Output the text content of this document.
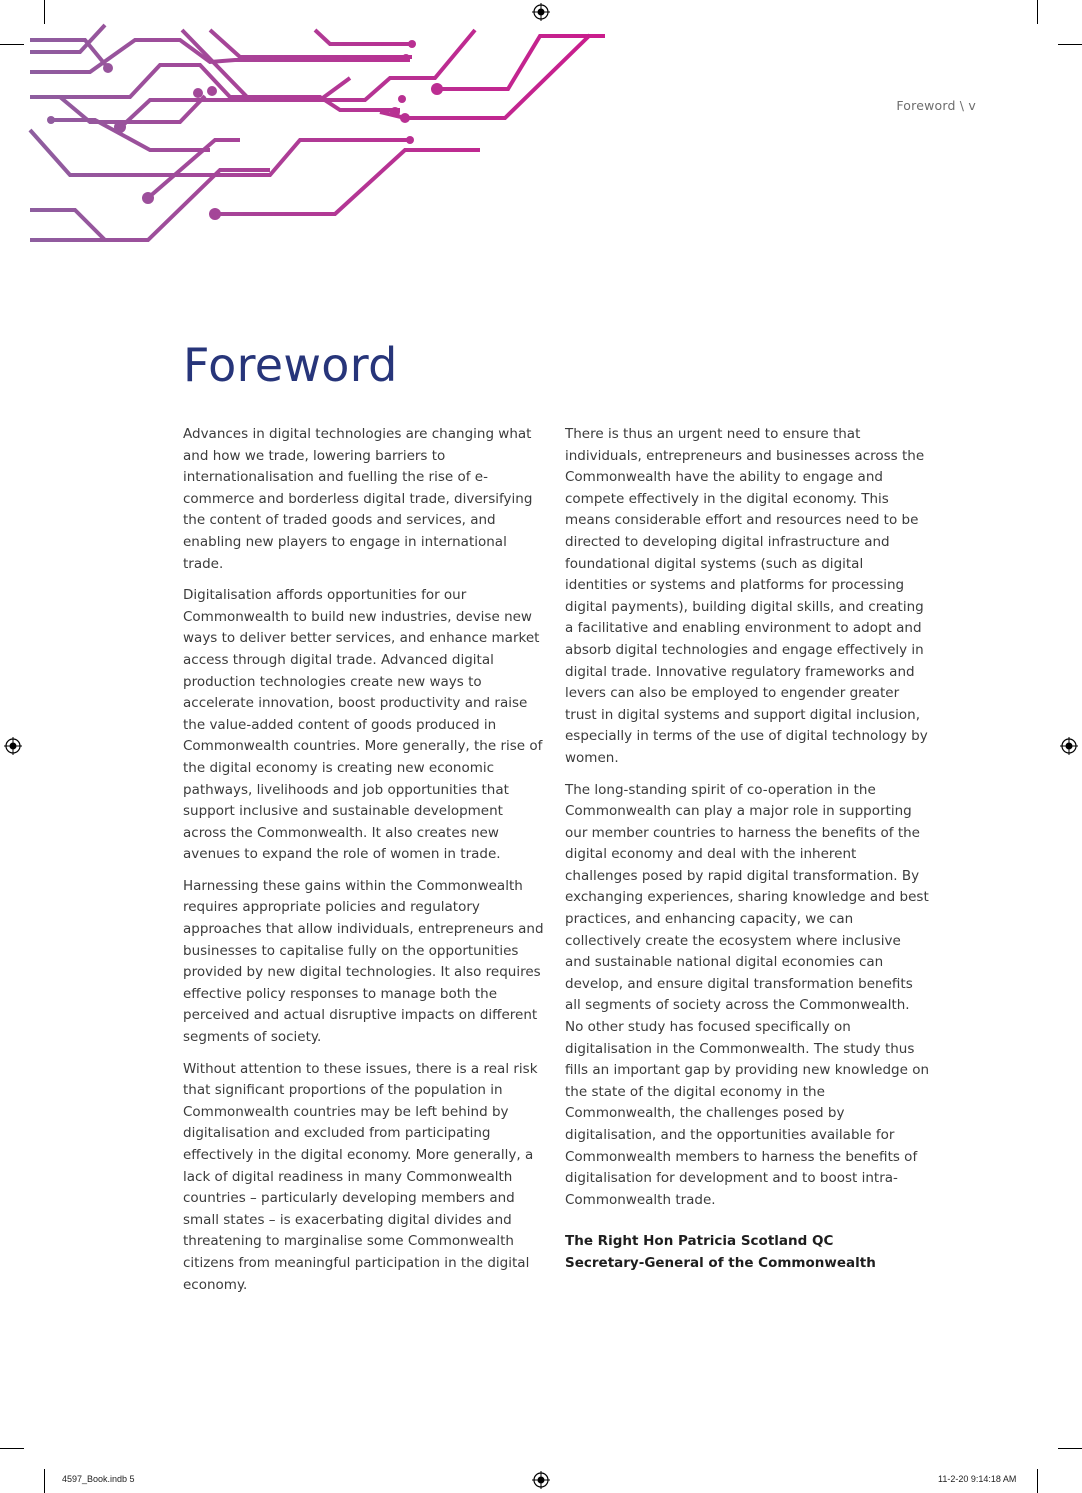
Foreword \ v
Foreword

Advances in digital technologies are changing what and how we trade, lowering barriers to internationalisation and fuelling the rise of e-commerce and borderless digital trade, diversifying the content of traded goods and services, and enabling new players to engage in international trade.

Digitalisation affords opportunities for our Commonwealth to build new industries, devise new ways to deliver better services, and enhance market access through digital trade. Advanced digital production technologies create new ways to accelerate innovation, boost productivity and raise the value-added content of goods produced in Commonwealth countries. More generally, the rise of the digital economy is creating new economic pathways, livelihoods and job opportunities that support inclusive and sustainable development across the Commonwealth. It also creates new avenues to expand the role of women in trade.

Harnessing these gains within the Commonwealth requires appropriate policies and regulatory approaches that allow individuals, entrepreneurs and businesses to capitalise fully on the opportunities provided by new digital technologies. It also requires effective policy responses to manage both the perceived and actual disruptive impacts on different segments of society.

Without attention to these issues, there is a real risk that significant proportions of the population in Commonwealth countries may be left behind by digitalisation and excluded from participating effectively in the digital economy. More generally, a lack of digital readiness in many Commonwealth countries – particularly developing members and small states – is exacerbating digital divides and threatening to marginalise some Commonwealth citizens from meaningful participation in the digital economy.

There is thus an urgent need to ensure that individuals, entrepreneurs and businesses across the Commonwealth have the ability to engage and compete effectively in the digital economy. This means considerable effort and resources need to be directed to developing digital infrastructure and foundational digital systems (such as digital identities or systems and platforms for processing digital payments), building digital skills, and creating a facilitative and enabling environment to adopt and absorb digital technologies and engage effectively in digital trade. Innovative regulatory frameworks and levers can also be employed to engender greater trust in digital systems and support digital inclusion, especially in terms of the use of digital technology by women.

The long-standing spirit of co-operation in the Commonwealth can play a major role in supporting our member countries to harness the benefits of the digital economy and deal with the inherent challenges posed by rapid digital transformation. By exchanging experiences, sharing knowledge and best practices, and enhancing capacity, we can collectively create the ecosystem where inclusive and sustainable national digital economies can develop, and ensure digital transformation benefits all segments of society across the Commonwealth. No other study has focused specifically on digitalisation in the Commonwealth. The study thus fills an important gap by providing new knowledge on the state of the digital economy in the Commonwealth, the challenges posed by digitalisation, and the opportunities available for Commonwealth members to harness the benefits of digitalisation for development and to boost intra-Commonwealth trade.

The Right Hon Patricia Scotland QC
Secretary-General of the Commonwealth

4597_Book.indb 5	11-2-20 9:14:18 AM
